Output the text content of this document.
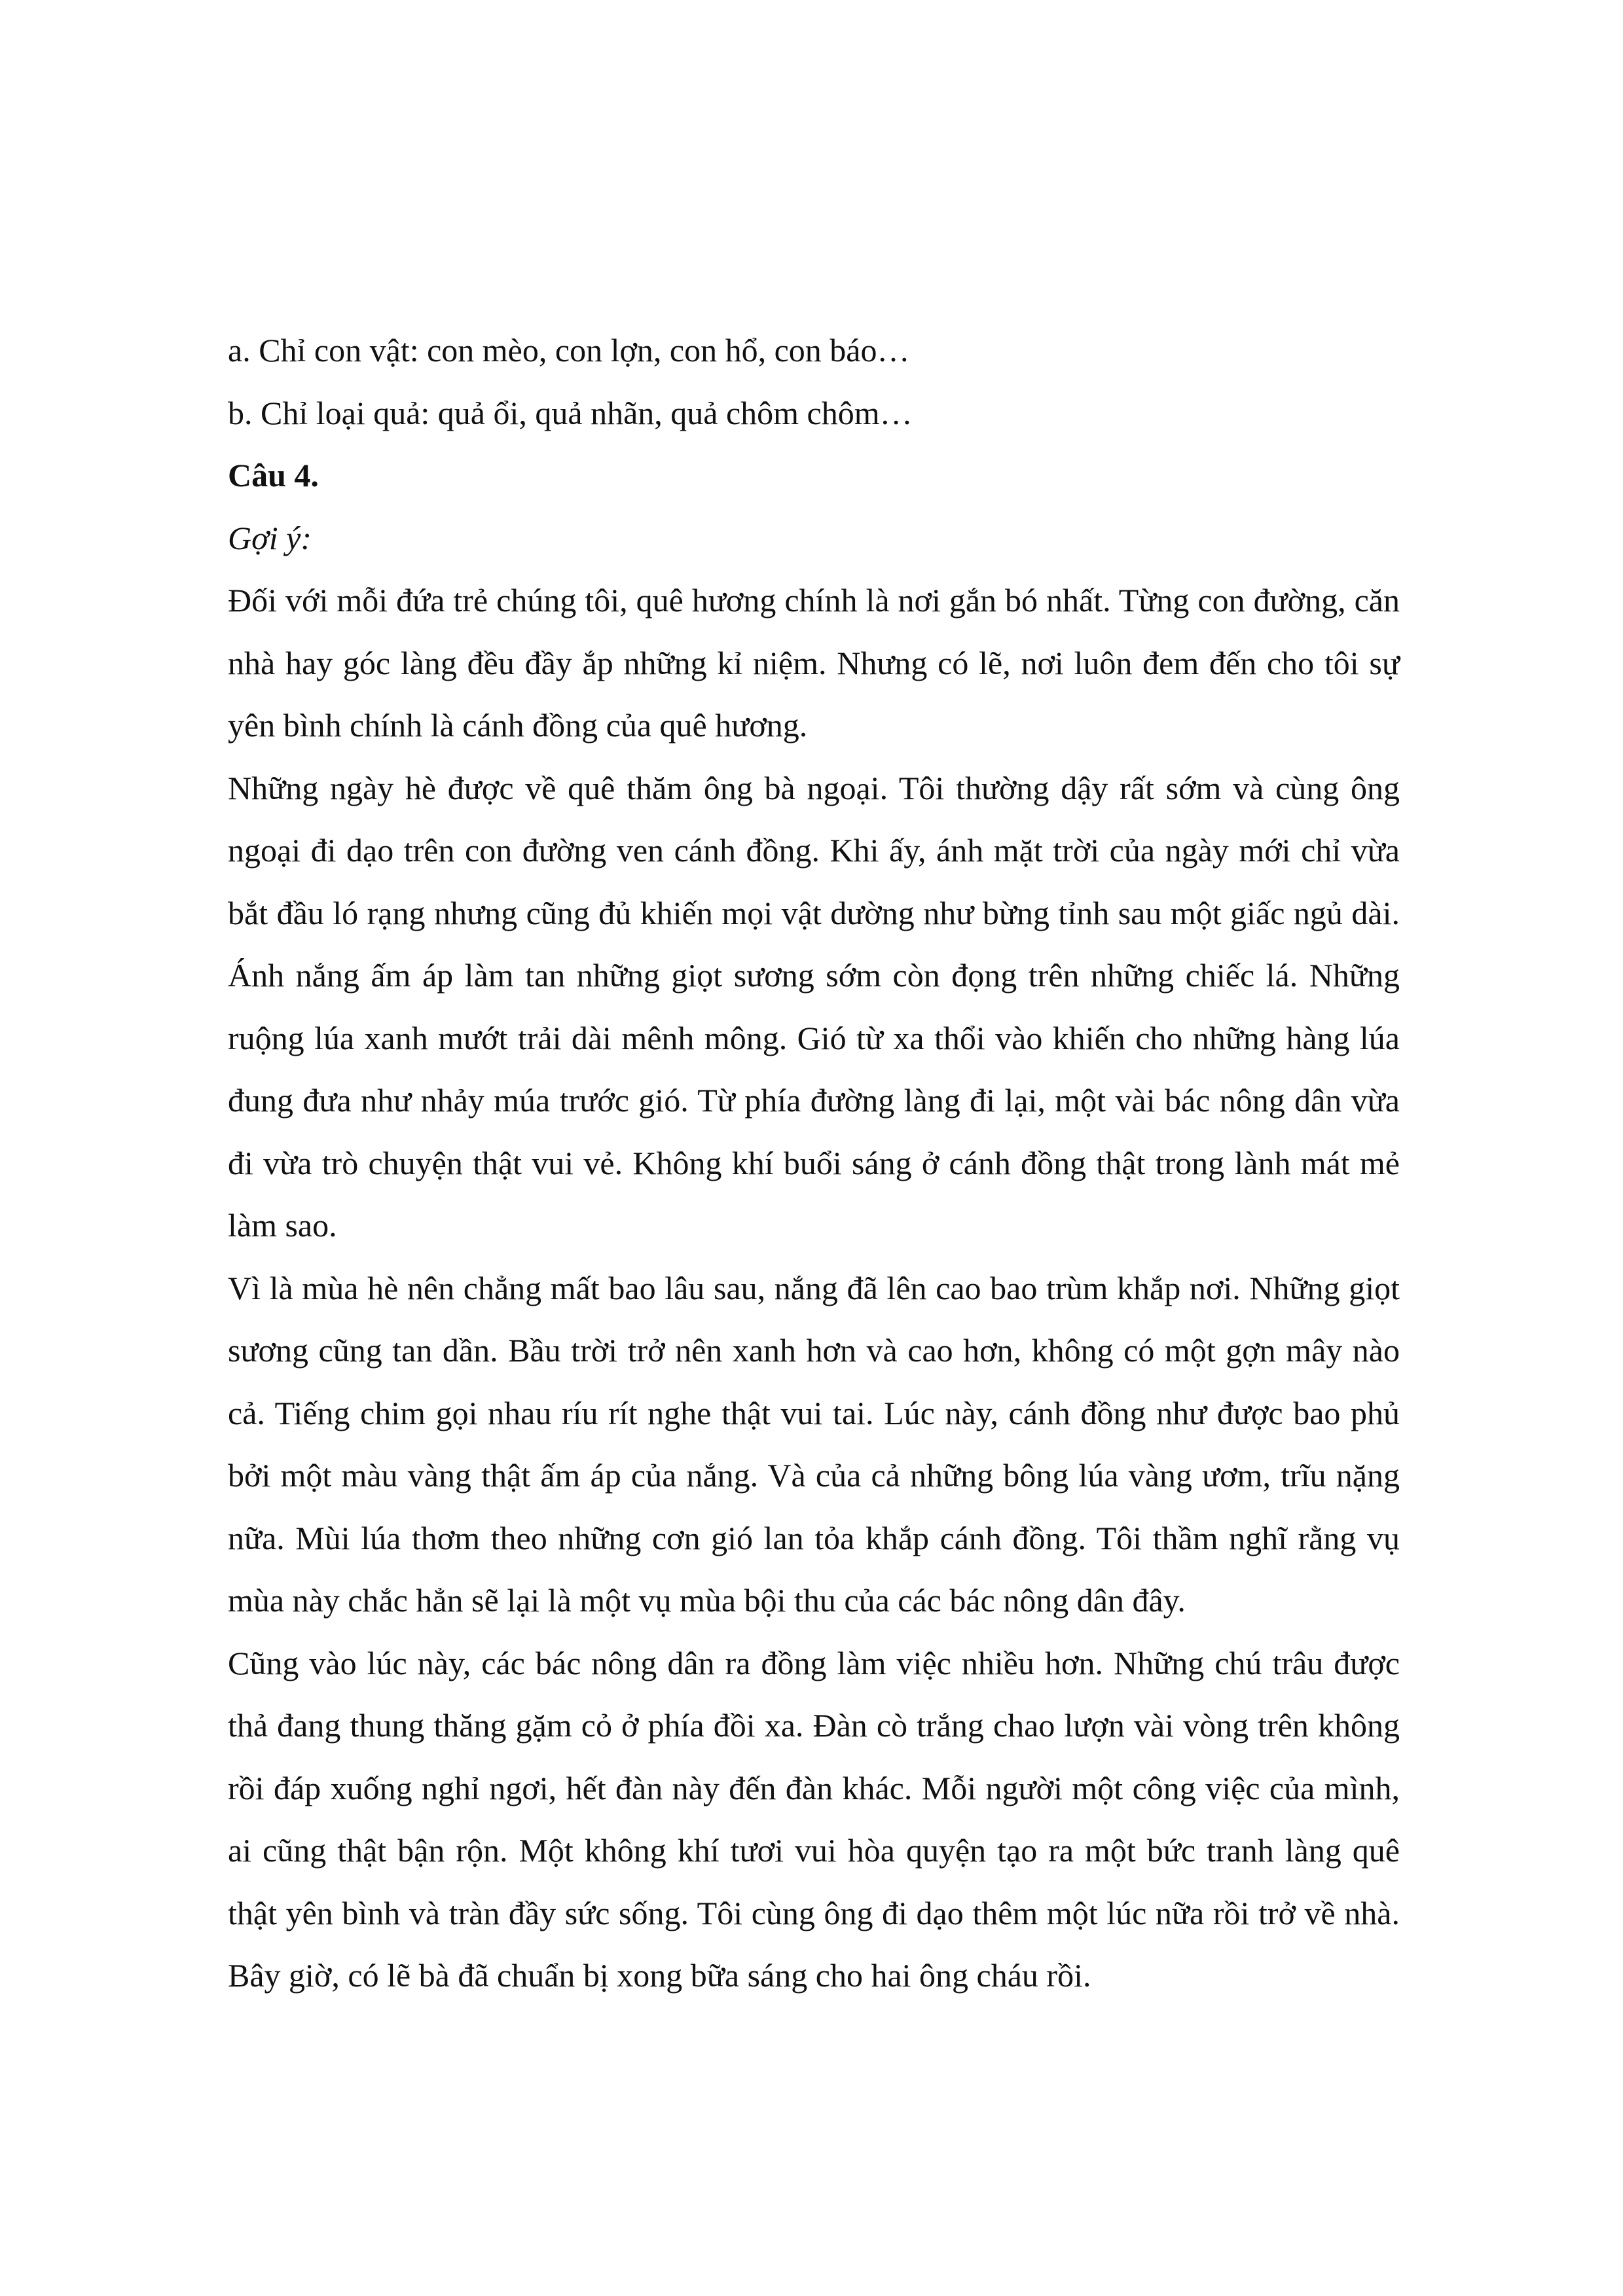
a. Chỉ con vật: con mèo, con lợn, con hổ, con báo…

b. Chỉ loại quả: quả ổi, quả nhãn, quả chôm chôm…

Câu 4.

Gợi ý:

Đối với mỗi đứa trẻ chúng tôi, quê hương chính là nơi gắn bó nhất. Từng con đường, căn nhà hay góc làng đều đầy ắp những kỉ niệm. Nhưng có lẽ, nơi luôn đem đến cho tôi sự yên bình chính là cánh đồng của quê hương.

Những ngày hè được về quê thăm ông bà ngoại. Tôi thường dậy rất sớm và cùng ông ngoại đi dạo trên con đường ven cánh đồng. Khi ấy, ánh mặt trời của ngày mới chỉ vừa bắt đầu ló rạng nhưng cũng đủ khiến mọi vật dường như bừng tỉnh sau một giấc ngủ dài. Ánh nắng ấm áp làm tan những giọt sương sớm còn đọng trên những chiếc lá. Những ruộng lúa xanh mướt trải dài mênh mông. Gió từ xa thổi vào khiến cho những hàng lúa đung đưa như nhảy múa trước gió. Từ phía đường làng đi lại, một vài bác nông dân vừa đi vừa trò chuyện thật vui vẻ. Không khí buổi sáng ở cánh đồng thật trong lành mát mẻ làm sao.

Vì là mùa hè nên chẳng mất bao lâu sau, nắng đã lên cao bao trùm khắp nơi. Những giọt sương cũng tan dần. Bầu trời trở nên xanh hơn và cao hơn, không có một gợn mây nào cả. Tiếng chim gọi nhau ríu rít nghe thật vui tai. Lúc này, cánh đồng như được bao phủ bởi một màu vàng thật ấm áp của nắng. Và của cả những bông lúa vàng ươm, trĩu nặng nữa. Mùi lúa thơm theo những cơn gió lan tỏa khắp cánh đồng. Tôi thầm nghĩ rằng vụ mùa này chắc hẳn sẽ lại là một vụ mùa bội thu của các bác nông dân đây.

Cũng vào lúc này, các bác nông dân ra đồng làm việc nhiều hơn. Những chú trâu được thả đang thung thăng gặm cỏ ở phía đồi xa. Đàn cò trắng chao lượn vài vòng trên không rồi đáp xuống nghỉ ngơi, hết đàn này đến đàn khác. Mỗi người một công việc của mình, ai cũng thật bận rộn. Một không khí tươi vui hòa quyện tạo ra một bức tranh làng quê thật yên bình và tràn đầy sức sống. Tôi cùng ông đi dạo thêm một lúc nữa rồi trở về nhà. Bây giờ, có lẽ bà đã chuẩn bị xong bữa sáng cho hai ông cháu rồi.
